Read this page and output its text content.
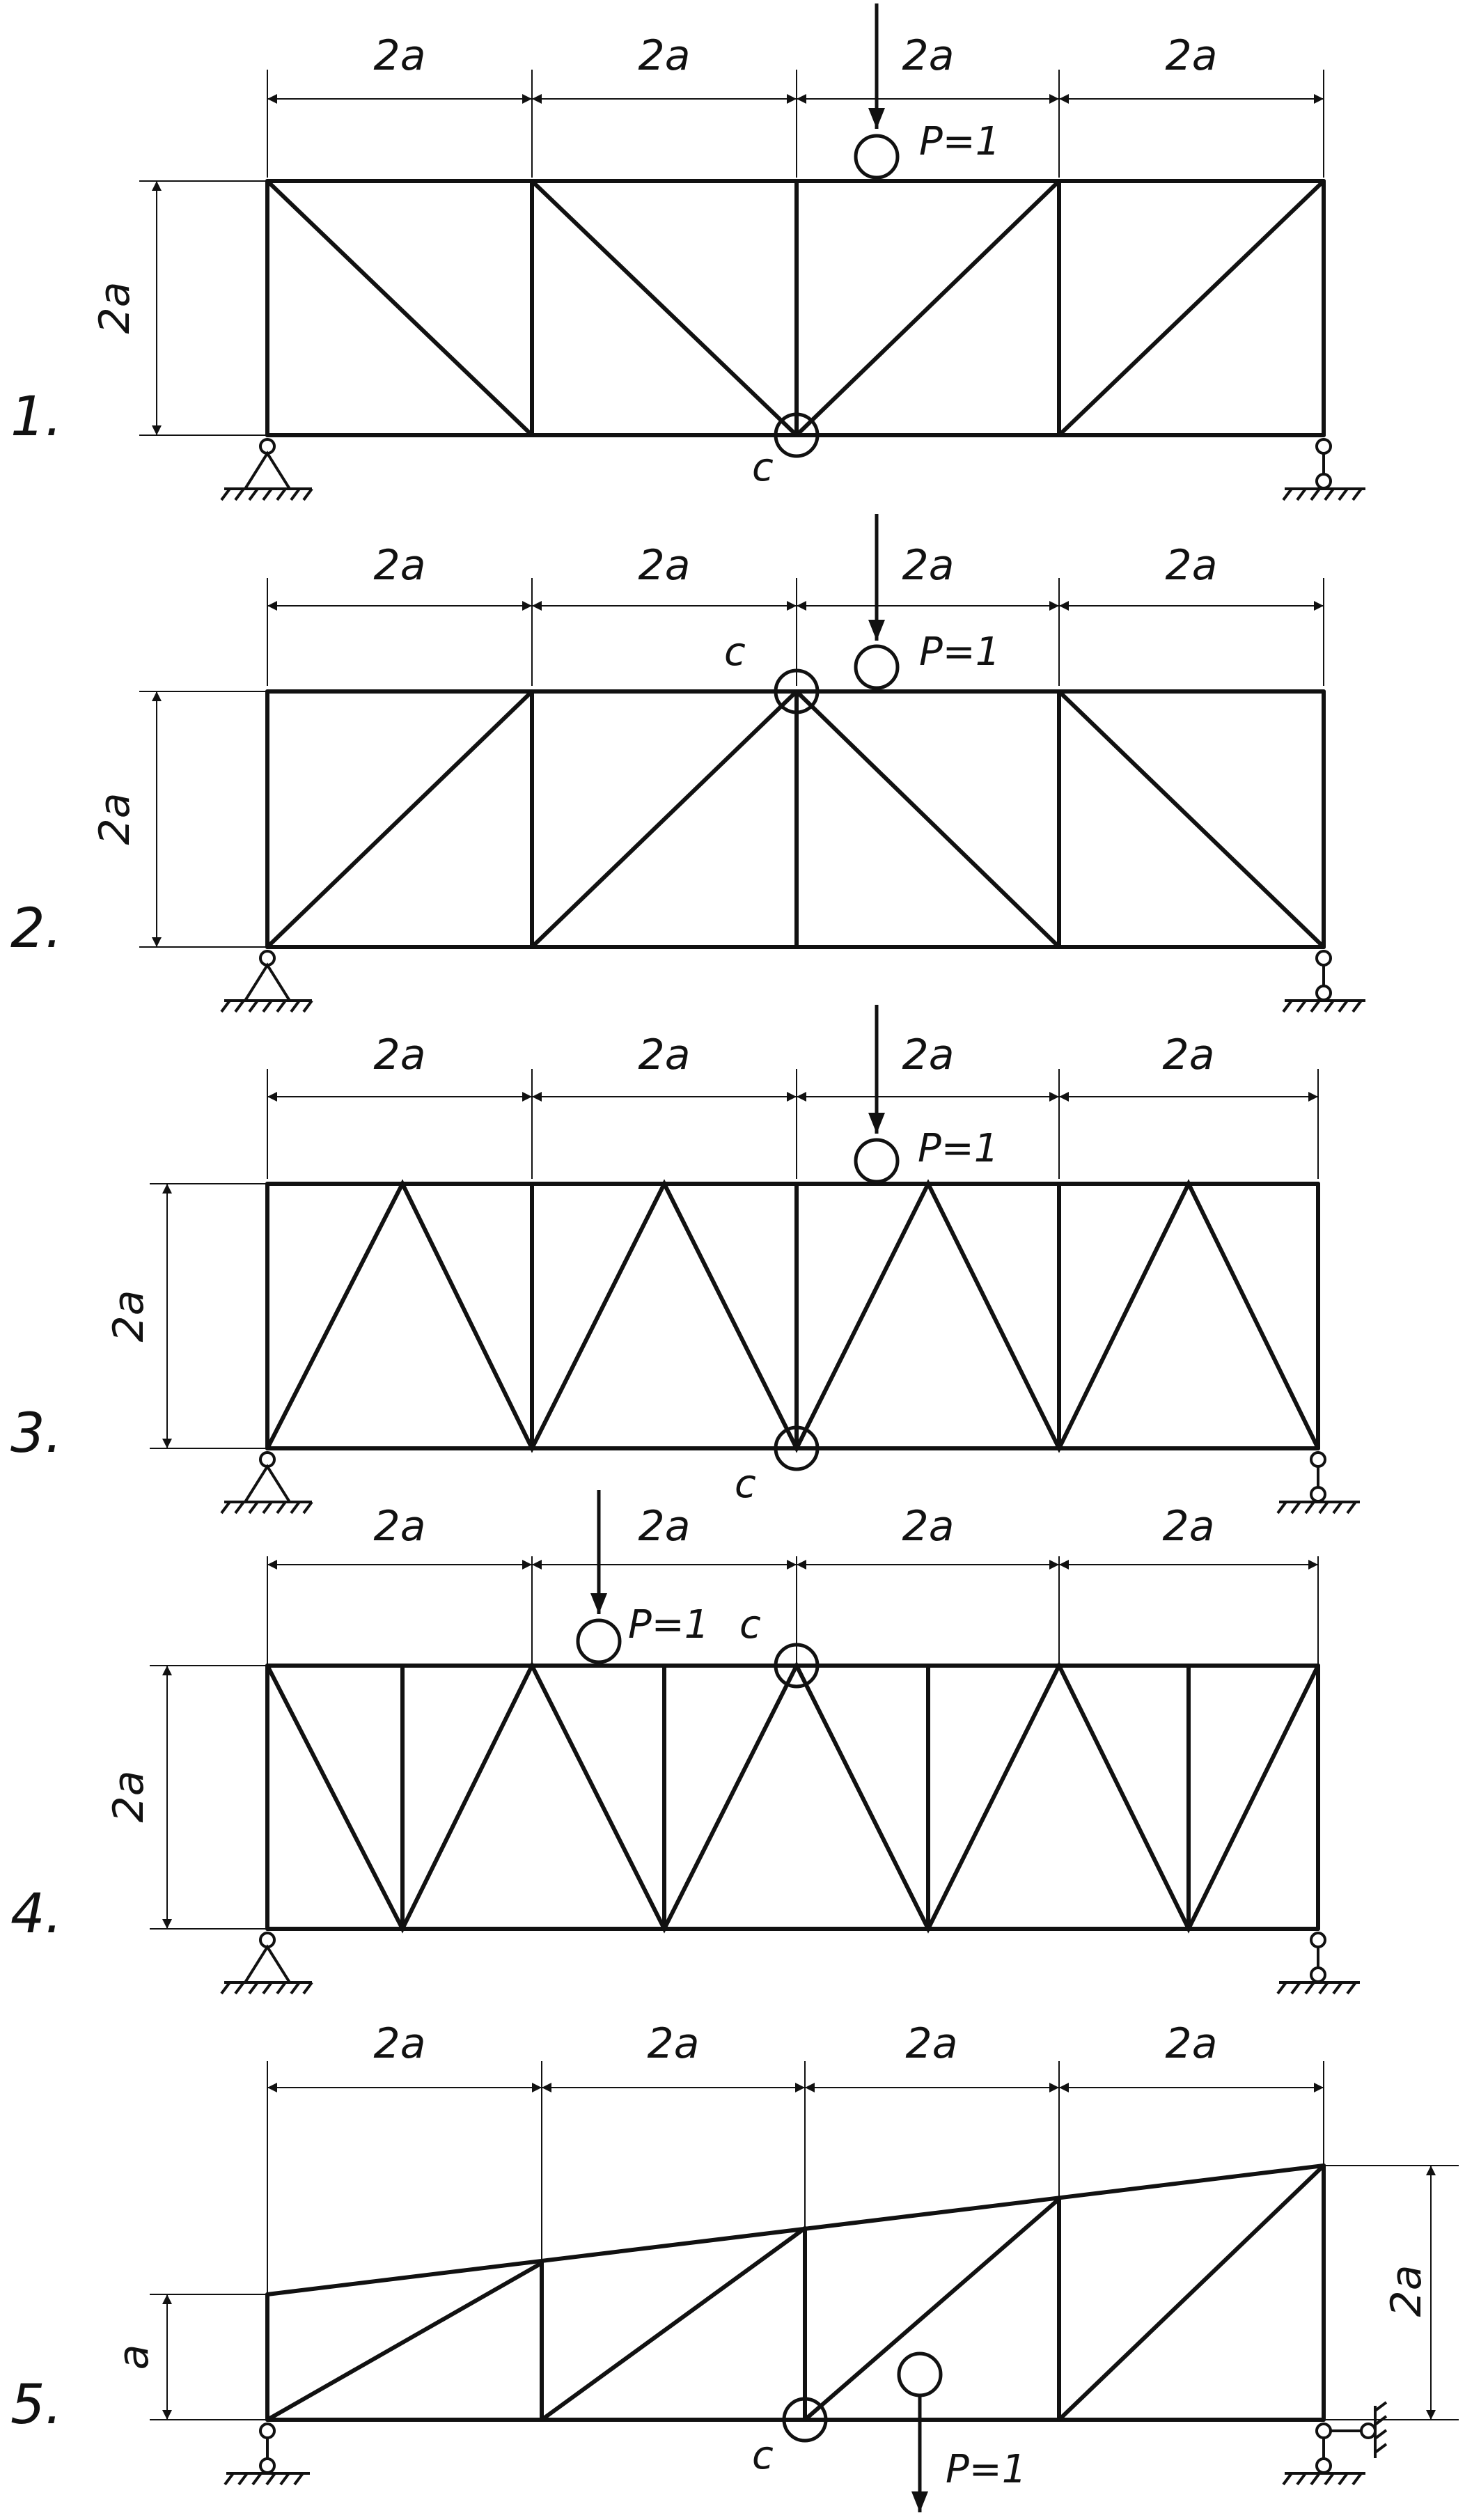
2a	2a	2a	2a
2a
P=1
c
1.
2a	2a	2a	2a
2a
P=1
c
2.
2a	2a	2a	2a
2a
P=1
c
3.
2a	2a	2a	2a
2a
P=1 c
4.
2a	2a	2a	2a
a
2a
P=1
c
5.
